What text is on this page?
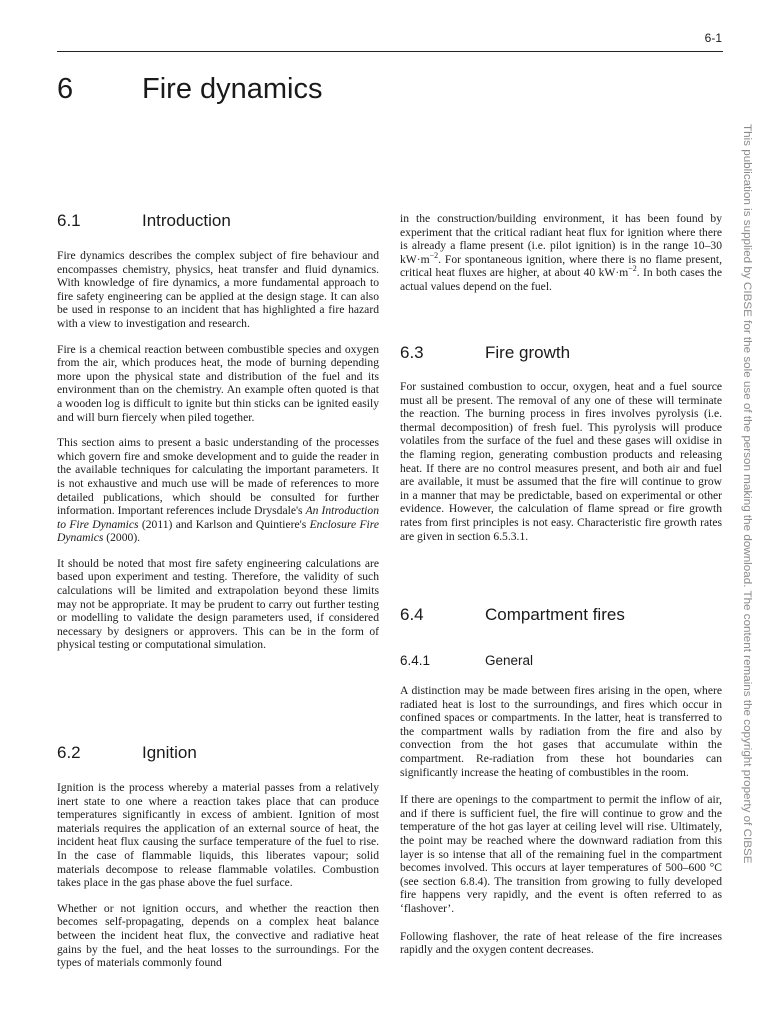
6-1
6 Fire dynamics
6.1	Introduction

Fire dynamics describes the complex subject of fire behaviour and encompasses chemistry, physics, heat transfer and fluid dynamics. With knowledge of fire dynamics, a more fundamental approach to fire safety engineering can be applied at the design stage. It can also be used in response to an incident that has highlighted a fire hazard with a view to investigation and research.

Fire is a chemical reaction between combustible species and oxygen from the air, which produces heat, the mode of burning depending more upon the physical state and distribution of the fuel and its environment than on the chemistry. An example often quoted is that a wooden log is difficult to ignite but thin sticks can be ignited easily and will burn fiercely when piled together.

This section aims to present a basic understanding of the processes which govern fire and smoke development and to guide the reader in the available techniques for calculating the important parameters. It is not exhaustive and much use will be made of references to more detailed publications, which should be consulted for further information. Important references include Drysdale's An Introduction to Fire Dynamics (2011) and Karlson and Quintiere's Enclosure Fire Dynamics (2000).

It should be noted that most fire safety engineering calculations are based upon experiment and testing. Therefore, the validity of such calculations will be limited and extrapolation beyond these limits may not be appropriate. It may be prudent to carry out further testing or modelling to validate the design parameters used, if considered necessary by designers or approvers. This can be in the form of physical testing or computational simulation.

6.2	Ignition

Ignition is the process whereby a material passes from a relatively inert state to one where a reaction takes place that can produce temperatures significantly in excess of ambient. Ignition of most materials requires the application of an external source of heat, the incident heat flux causing the surface temperature of the fuel to rise. In the case of flammable liquids, this liberates vapour; solid materials decompose to release flammable volatiles. Combustion takes place in the gas phase above the fuel surface.

Whether or not ignition occurs, and whether the reaction then becomes self-propagating, depends on a complex heat balance between the incident heat flux, the convective and radiative heat gains by the fuel, and the heat losses to the surroundings. For the types of materials commonly found

in the construction/building environment, it has been found by experiment that the critical radiant heat flux for ignition where there is already a flame present (i.e. pilot ignition) is in the range 10–30 $kW\cdot m^{-2}$. For spontaneous ignition, where there is no flame present, critical heat fluxes are higher, at about 40 $kW\cdot m^{-2}$. In both cases the actual values depend on the fuel.

6.3	Fire growth

For sustained combustion to occur, oxygen, heat and a fuel source must all be present. The removal of any one of these will terminate the reaction. The burning process in fires involves pyrolysis (i.e. thermal decomposition) of fresh fuel. This pyrolysis will produce volatiles from the surface of the fuel and these gases will oxidise in the flaming region, generating combustion products and releasing heat. If there are no control measures present, and both air and fuel are available, it must be assumed that the fire will continue to grow in a manner that may be predictable, based on experimental or other evidence. However, the calculation of flame spread or fire growth rates from first principles is not easy. Characteristic fire growth rates are given in section 6.5.3.1.

6.4	Compartment fires
6.4.1	General

A distinction may be made between fires arising in the open, where radiated heat is lost to the surroundings, and fires which occur in confined spaces or compartments. In the latter, heat is transferred to the compartment walls by radiation from the fire and also by convection from the hot gases that accumulate within the compartment. Re-radiation from these hot boundaries can significantly increase the heating of combustibles in the room.

If there are openings to the compartment to permit the inflow of air, and if there is sufficient fuel, the fire will continue to grow and the temperature of the hot gas layer at ceiling level will rise. Ultimately, the point may be reached where the downward radiation from this layer is so intense that all of the remaining fuel in the compartment becomes involved. This occurs at layer temperatures of 500–600 °C (see section 6.8.4). The transition from growing to fully developed fire happens very rapidly, and the event is often referred to as ‘flashover’.

Following flashover, the rate of heat release of the fire increases rapidly and the oxygen content decreases.

This publication is supplied by CIBSE for the sole use of the person making the download. The content remains the copyright property of CIBSE
